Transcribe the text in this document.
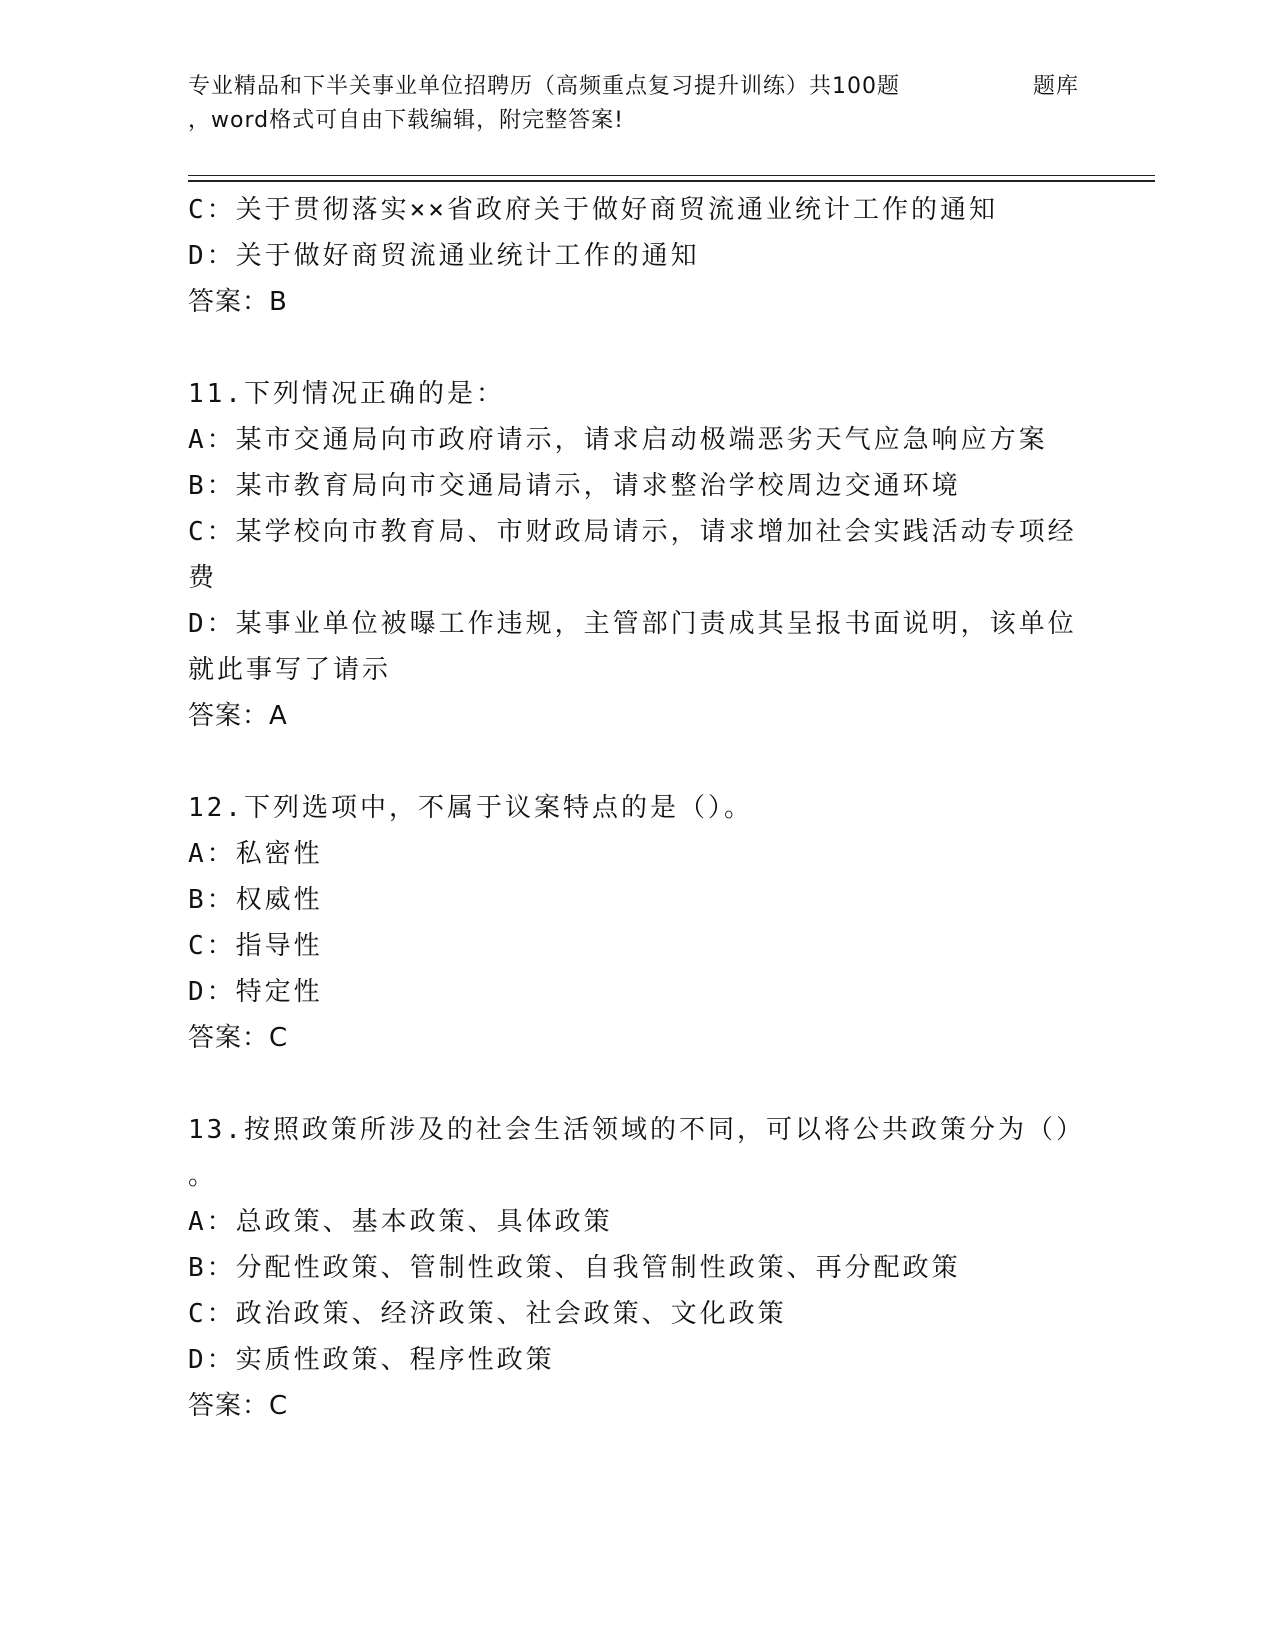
专业精品和下半关事业单位招聘历（高频重点复习提升训练）共100题	题库
，word格式可自由下载编辑，附完整答案!
C：关于贯彻落实××省政府关于做好商贸流通业统计工作的通知
D：关于做好商贸流通业统计工作的通知
答案：B
11.下列情况正确的是：
A：某市交通局向市政府请示，请求启动极端恶劣天气应急响应方案
B：某市教育局向市交通局请示，请求整治学校周边交通环境
C：某学校向市教育局、市财政局请示，请求增加社会实践活动专项经
费
D：某事业单位被曝工作违规，主管部门责成其呈报书面说明，该单位
就此事写了请示
答案：A
12.下列选项中，不属于议案特点的是（）。
A：私密性
B：权威性
C：指导性
D：特定性
答案：C
13.按照政策所涉及的社会生活领域的不同，可以将公共政策分为（）
。
A：总政策、基本政策、具体政策
B：分配性政策、管制性政策、自我管制性政策、再分配政策
C：政治政策、经济政策、社会政策、文化政策
D：实质性政策、程序性政策
答案：C
